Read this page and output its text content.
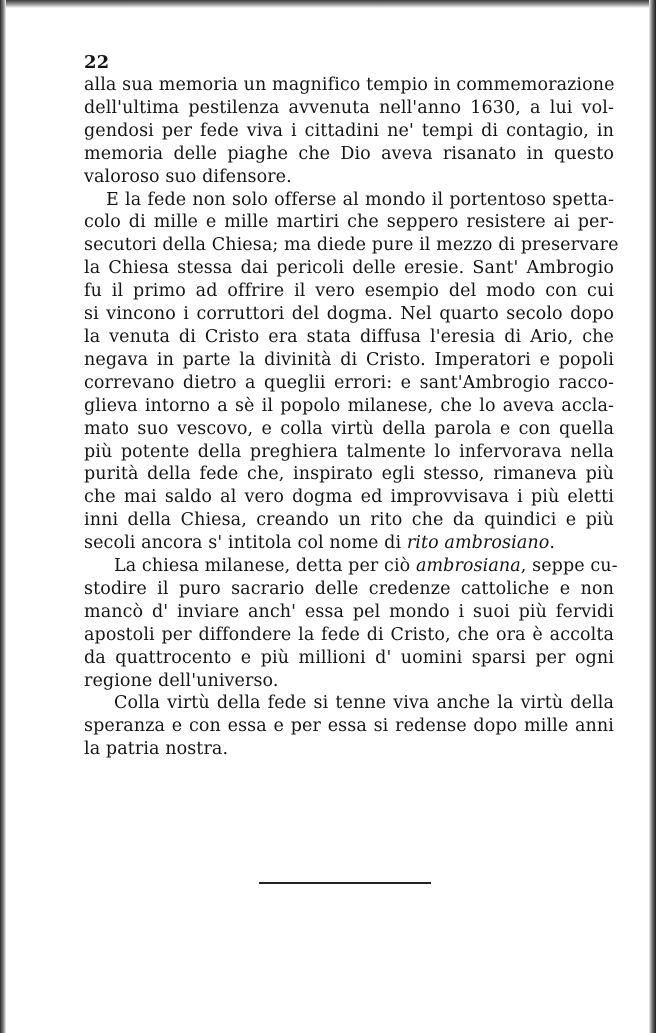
22
alla sua memoria un magnifico tempio in commemorazione
dell'ultima pestilenza avvenuta nell'anno 1630, a lui vol-
gendosi per fede viva i cittadini ne' tempi di contagio, in
memoria delle piaghe che Dio aveva risanato in questo
valoroso suo difensore.
E la fede non solo offerse al mondo il portentoso spetta-
colo di mille e mille martiri che seppero resistere ai per-
secutori della Chiesa; ma diede pure il mezzo di preservare
la Chiesa stessa dai pericoli delle eresie. Sant' Ambrogio
fu il primo ad offrire il vero esempio del modo con cui
si vincono i corruttori del dogma. Nel quarto secolo dopo
la venuta di Cristo era stata diffusa l'eresia di Ario, che
negava in parte la divinità di Cristo. Imperatori e popoli
correvano dietro a queglii errori: e sant'Ambrogio racco-
glieva intorno a sè il popolo milanese, che lo aveva accla-
mato suo vescovo, e colla virtù della parola e con quella
più potente della preghiera talmente lo infervorava nella
purità della fede che, inspirato egli stesso, rimaneva più
che mai saldo al vero dogma ed improvvisava i più eletti
inni della Chiesa, creando un rito che da quindici e più
secoli ancora s' intitola col nome di rito ambrosiano.
La chiesa milanese, detta per ciò ambrosiana, seppe cu-
stodire il puro sacrario delle credenze cattoliche e non
mancò d' inviare anch' essa pel mondo i suoi più fervidi
apostoli per diffondere la fede di Cristo, che ora è accolta
da quattrocento e più millioni d' uomini sparsi per ogni
regione dell'universo.
Colla virtù della fede si tenne viva anche la virtù della
speranza e con essa e per essa si redense dopo mille anni
la patria nostra.
